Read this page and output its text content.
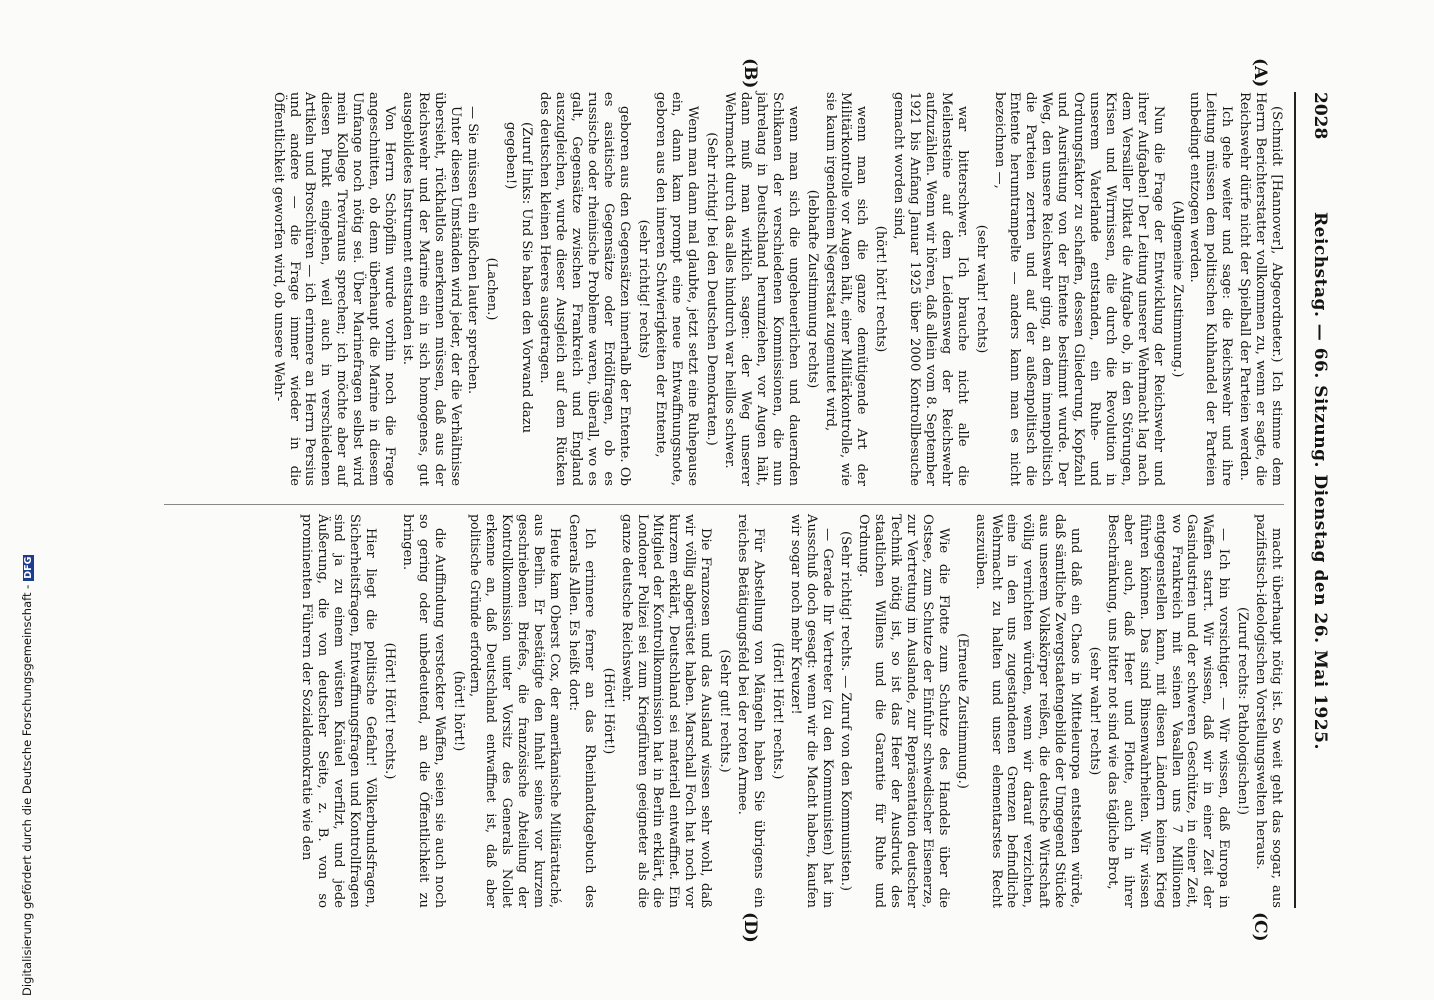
2028
Reichstag. — 66. Sitzung. Dienstag den 26. Mai 1925.
(A)
(B)
(C)
(D)

(Schmidt [Hannover], Abgeordneter.) Ich stimme dem Herrn Berichterstatter vollkommen zu, wenn er sagte, die Reichswehr dürfe nicht der Spielball der Parteien werden.

Ich gehe weiter und sage: die Reichswehr und ihre Leitung müssen dem politischen Kuhhandel der Parteien unbedingt entzogen werden.

(Allgemeine Zustimmung.)

Nun die Frage der Entwicklung der Reichswehr und ihrer Aufgaben! Der Leitung unserer Wehrmacht lag nach dem Versailler Diktat die Aufgabe ob, in den Störungen, Krisen und Wirrnissen, die durch die Revolution in unserem Vaterlande entstanden, ein Ruhe- und Ordnungsfaktor zu schaffen, dessen Gliederung, Kopfzahl und Ausrüstung von der Entente bestimmt wurde. Der Weg, den unsere Reichswehr ging, an dem innenpolitisch die Parteien zerrten und auf der außenpolitisch die Entente herumtrampelte — anders kann man es nicht bezeichnen —,

(sehr wahr! rechts)

war bitterschwer. Ich brauche nicht alle die Meilensteine auf dem Leidensweg der Reichswehr aufzuzählen. Wenn wir hören, daß allein vom 8. September 1921 bis Anfang Januar 1925 über 2000 Kontrollbesuche gemacht worden sind,

(hört! hört! rechts)

wenn man sich die ganze demütigende Art der Militärkontrolle vor Augen hält, einer Militärkontrolle, wie sie kaum irgendeinem Negerstaat zugemutet wird,

(lebhafte Zustimmung rechts)

wenn man sich die ungeheuerlichen und dauernden Schikanen der verschiedenen Kommissionen, die nun jahrelang in Deutschland herumziehen, vor Augen hält, dann muß man wirklich sagen: der Weg unserer Wehrmacht durch das alles hindurch war heillos schwer.

(Sehr richtig! bei den Deutschen Demokraten.)

Wenn man dann mal glaubte, jetzt setzt eine Ruhepause ein, dann kam prompt eine neue Entwaffnungsnote, geboren aus den inneren Schwierigkeiten der Entente,

(sehr richtig! rechts)

geboren aus den Gegensätzen innerhalb der Entente. Ob es asiatische Gegensätze oder Erdölfragen, ob es russische oder rheinische Probleme waren, überall, wo es galt, Gegensätze zwischen Frankreich und England auszugleichen, wurde dieser Ausgleich auf dem Rücken des deutschen kleinen Heeres ausgetragen.

(Zuruf links: Und Sie haben den Vorwand dazu gegeben!)

(Lachen.)

— Sie müssen ein bißchen lauter sprechen.

Unter diesen Umständen wird jeder, der die Verhältnisse übersieht, rückhaltlos anerkennen müssen, daß aus der Reichswehr und der Marine ein in sich homogenes, gut ausgebildetes Instrument entstanden ist.

Von Herrn Schöpflin wurde vorhin noch die Frage angeschnitten, ob denn überhaupt die Marine in diesem Umfange noch nötig sei. Über Marinefragen selbst wird mein Kollege Treviranus sprechen; ich möchte aber auf diesen Punkt eingehen, weil auch in verschiedenen Artikeln und Broschüren — ich erinnere an Herrn Persius und andere — die Frage immer wieder in die Öffentlichkeit geworfen wird, ob unsere Wehr-

macht überhaupt nötig ist. So weit geht das sogar, aus pazifistisch-ideologischen Vorstellungswelten heraus.

(Zuruf rechts: Pathologischen!)

— Ich bin vorsichtiger. — Wir wissen, daß Europa in Waffen starrt. Wir wissen, daß wir in einer Zeit der Gasindustrien und der schweren Geschütze, in einer Zeit, wo Frankreich mit seinen Vasallen uns 7 Millionen entgegenstellen kann, mit diesen Ländern keinen Krieg führen können. Das sind Binsenwahrheiten. Wir wissen aber auch, daß Heer und Flotte, auch in ihrer Beschränkung, uns bitter not sind wie das tägliche Brot,

(sehr wahr! rechts)

und daß ein Chaos in Mitteleuropa entstehen würde, daß sämtliche Zwergstaatengebilde der Umgegend Stücke aus unserem Volkskörper reißen, die deutsche Wirtschaft völlig vernichten würden, wenn wir darauf verzichten, eine in den uns zugestandenen Grenzen befindliche Wehrmacht zu halten und unser elementarstes Recht auszuüben.

(Erneute Zustimmung.)

Wie die Flotte zum Schutze des Handels über die Ostsee, zum Schutze der Einfuhr schwedischer Eisenerze, zur Vertretung im Auslande, zur Repräsentation deutscher Technik nötig ist, so ist das Heer der Ausdruck des staatlichen Willens und die Garantie für Ruhe und Ordnung.

(Sehr richtig! rechts. — Zuruf von den Kommunisten.)

— Gerade Ihr Vertreter (zu den Kommunisten) hat im Ausschuß doch gesagt: wenn wir die Macht haben, kaufen wir sogar noch mehr Kreuzer!

(Hört! Hört! rechts.)

Für Abstellung von Mängeln haben Sie übrigens ein reiches Betätigungsfeld bei der roten Armee.

(Sehr gut! rechts.)

Die Franzosen und das Ausland wissen sehr wohl, daß wir völlig abgerüstet haben. Marschall Foch hat noch vor kurzem erklärt, Deutschland sei materiell entwaffnet. Ein Mitglied der Kontrollkommission hat in Berlin erklärt, die Londoner Polizei sei zum Kriegführen geeigneter als die ganze deutsche Reichswehr.

(Hört! Hört!)

Ich erinnere ferner an das Rheinlandtagebuch des Generals Allen. Es heißt dort:

Heute kam Oberst Cox, der amerikanische Militärattaché, aus Berlin. Er bestätigte den Inhalt seines vor kurzem geschriebenen Briefes, die französische Abteilung der Kontrollkommission unter Vorsitz des Generals Nollet erkenne an, daß Deutschland entwaffnet ist, daß aber politische Gründe erfordern,

(hört! hört!)

die Auffindung versteckter Waffen, seien sie auch noch so gering oder unbedeutend, an die Öffentlichkeit zu bringen.

(Hört! Hört! rechts.)

Hier liegt die politische Gefahr! Völkerbundsfragen, Sicherheitsfragen, Entwaffnungsfragen und Kontrollfragen sind ja zu einem wüsten Knäuel verfilzt, und jede Äußerung, die von deutscher Seite, z. B. von so prominenten Führern der Sozialdemokratie wie den

Digitalisierung gefördert durch die Deutsche Forschungsgemeinschaft -DFG
